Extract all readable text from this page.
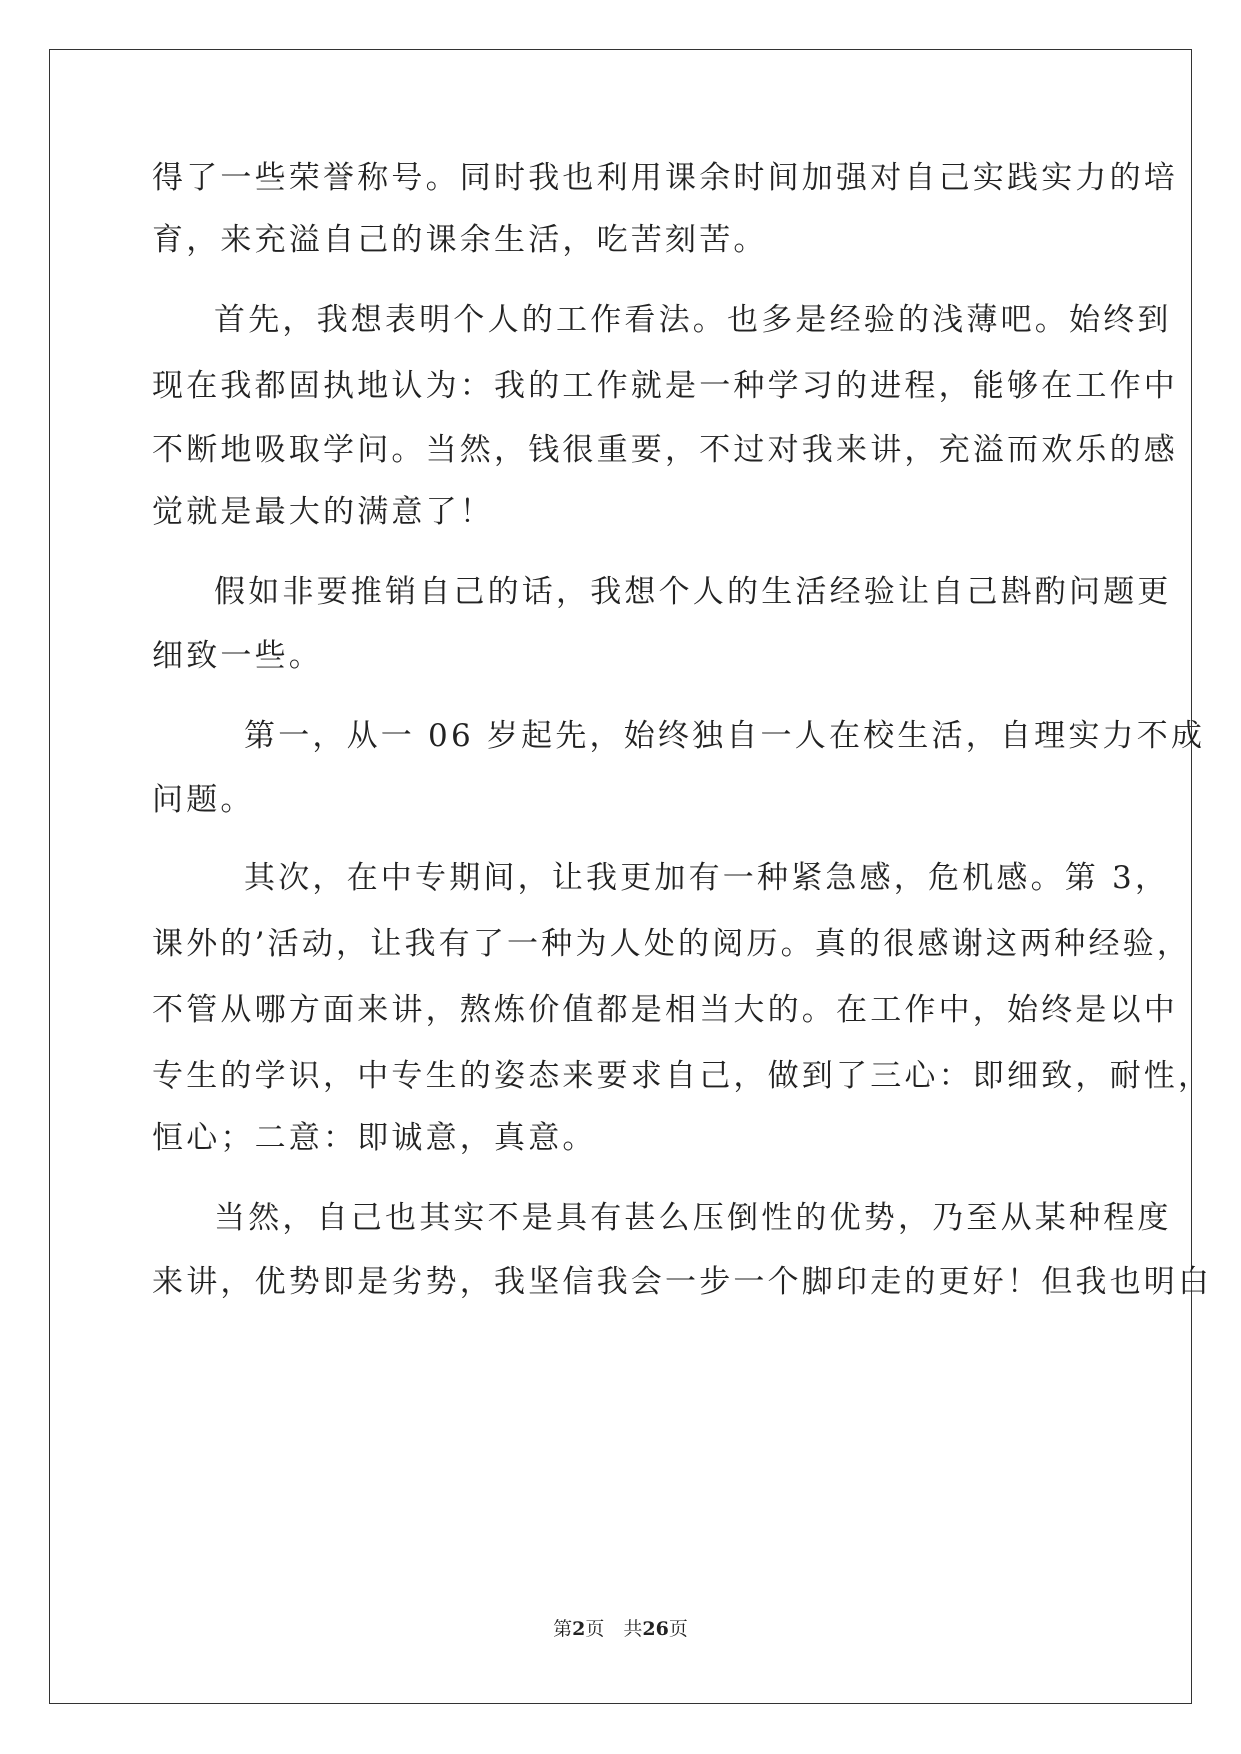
得了一些荣誉称号。同时我也利用课余时间加强对自己实践实力的培
育，来充溢自己的课余生活，吃苦刻苦。
首先，我想表明个人的工作看法。也多是经验的浅薄吧。始终到
现在我都固执地认为：我的工作就是一种学习的进程，能够在工作中
不断地吸取学问。当然，钱很重要，不过对我来讲，充溢而欢乐的感
觉就是最大的满意了！
假如非要推销自己的话，我想个人的生活经验让自己斟酌问题更
细致一些。
第一，从一 06 岁起先，始终独自一人在校生活，自理实力不成
问题。
其次，在中专期间，让我更加有一种紧急感，危机感。第 3，
课外的’活动，让我有了一种为人处的阅历。真的很感谢这两种经验，
不管从哪方面来讲，熬炼价值都是相当大的。在工作中，始终是以中
专生的学识，中专生的姿态来要求自己，做到了三心：即细致，耐性，
恒心；二意：即诚意，真意。
当然，自己也其实不是具有甚么压倒性的优势，乃至从某种程度
来讲，优势即是劣势，我坚信我会一步一个脚印走的更好！但我也明白
第2页　共26页
